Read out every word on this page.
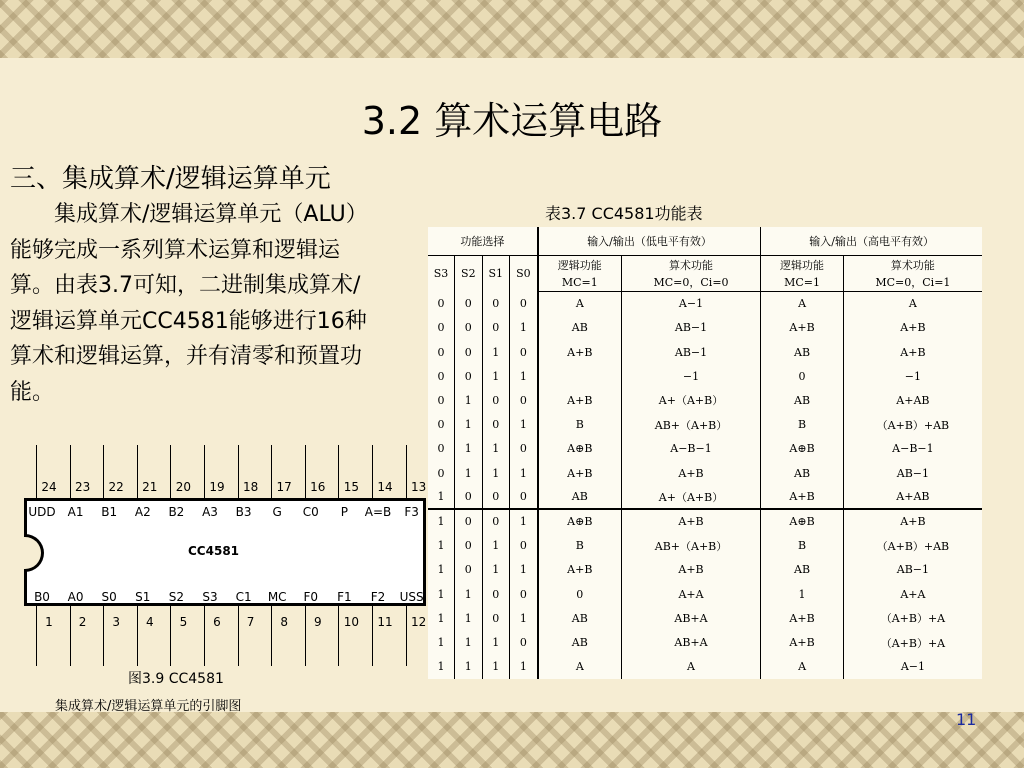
3.2 算术运算电路
三、集成算术/逻辑运算单元
集成算术/逻辑运算单元（ALU）能够完成一系列算术运算和逻辑运算。由表3.7可知，二进制集成算术/逻辑运算单元CC4581能够进行16种算术和逻辑运算，并有清零和预置功能。
表3.7 CC4581功能表
功能选择				输入/输出（低电平有效）		输入/输出（高电平有效）	
S3	S2	S1	S0	逻辑功能	算术功能	逻辑功能	算术功能
				MC=1	MC=0，Ci=0	MC=1	MC=0，Ci=1
0	0	0	0	A	A−1	A	A
0	0	0	1	AB	AB−1	A+B	A+B
0	0	1	0	A+B	AB−1	AB	A+B
0	0	1	1		−1	0	−1
0	1	0	0	A+B	A+（A+B）	AB	A+AB
0	1	0	1	B	AB+（A+B）	B	（A+B）+AB
0	1	1	0	A⊕B	A−B−1	A⊕B	A−B−1
0	1	1	1	A+B	A+B	AB	AB−1
1	0	0	0	AB	A+（A+B）	A+B	A+AB
1	0	0	1	A⊕B	A+B	A⊕B	A+B
1	0	1	0	B	AB+（A+B）	B	（A+B）+AB
1	0	1	1	A+B	A+B	AB	AB−1
1	1	0	0	0	A+A	1	A+A
1	1	0	1	AB	AB+A	A+B	（A+B）+A
1	1	1	0	AB	AB+A	A+B	（A+B）+A
1	1	1	1	A	A	A	A−1
CC4581
24
UDD
B0
1
23
A1
A0
2
22
B1
S0
3
21
A2
S1
4
20
B2
S2
5
19
A3
S3
6
18
B3
C1
7
17
G
MC
8
16
C0
F0
9
15
P
F1
10
14
A=B
F2
11
13
F3
USS
12
图3.9 CC4581
集成算术/逻辑运算单元的引脚图
11
